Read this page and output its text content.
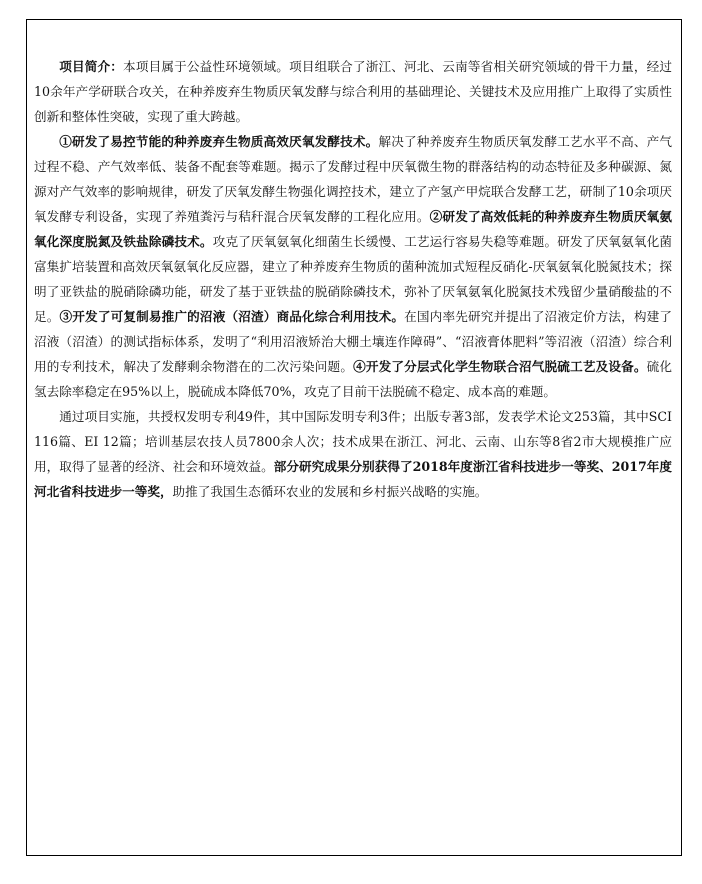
项目简介：本项目属于公益性环境领域。项目组联合了浙江、河北、云南等省相关研究领域的骨干力量，经过10余年产学研联合攻关，在种养废弃生物质厌氧发酵与综合利用的基础理论、关键技术及应用推广上取得了实质性创新和整体性突破，实现了重大跨越。

①研发了易控节能的种养废弃生物质高效厌氧发酵技术。解决了种养废弃生物质厌氧发酵工艺水平不高、产气过程不稳、产气效率低、装备不配套等难题。揭示了发酵过程中厌氧微生物的群落结构的动态特征及多种碳源、氮源对产气效率的影响规律，研发了厌氧发酵生物强化调控技术，建立了产氢产甲烷联合发酵工艺，研制了10余项厌氧发酵专利设备，实现了养殖粪污与秸秆混合厌氧发酵的工程化应用。②研发了高效低耗的种养废弃生物质厌氧氨氧化深度脱氮及铁盐除磷技术。攻克了厌氧氨氧化细菌生长缓慢、工艺运行容易失稳等难题。研发了厌氧氨氧化菌富集扩培装置和高效厌氧氨氧化反应器，建立了种养废弃生物质的菌种流加式短程反硝化-厌氧氨氧化脱氮技术；探明了亚铁盐的脱硝除磷功能，研发了基于亚铁盐的脱硝除磷技术，弥补了厌氧氨氧化脱氮技术残留少量硝酸盐的不足。③开发了可复制易推广的沼液（沼渣）商品化综合利用技术。在国内率先研究并提出了沼液定价方法，构建了沼液（沼渣）的测试指标体系，发明了“利用沼液矫治大棚土壤连作障碍”、“沼液膏体肥料”等沼液（沼渣）综合利用的专利技术，解决了发酵剩余物潜在的二次污染问题。④开发了分层式化学生物联合沼气脱硫工艺及设备。硫化氢去除率稳定在95%以上，脱硫成本降低70%，攻克了目前干法脱硫不稳定、成本高的难题。

通过项目实施，共授权发明专利49件，其中国际发明专利3件；出版专著3部，发表学术论文253篇，其中SCI 116篇、EI 12篇；培训基层农技人员7800余人次；技术成果在浙江、河北、云南、山东等8省2市大规模推广应用，取得了显著的经济、社会和环境效益。部分研究成果分别获得了2018年度浙江省科技进步一等奖、2017年度河北省科技进步一等奖，助推了我国生态循环农业的发展和乡村振兴战略的实施。
